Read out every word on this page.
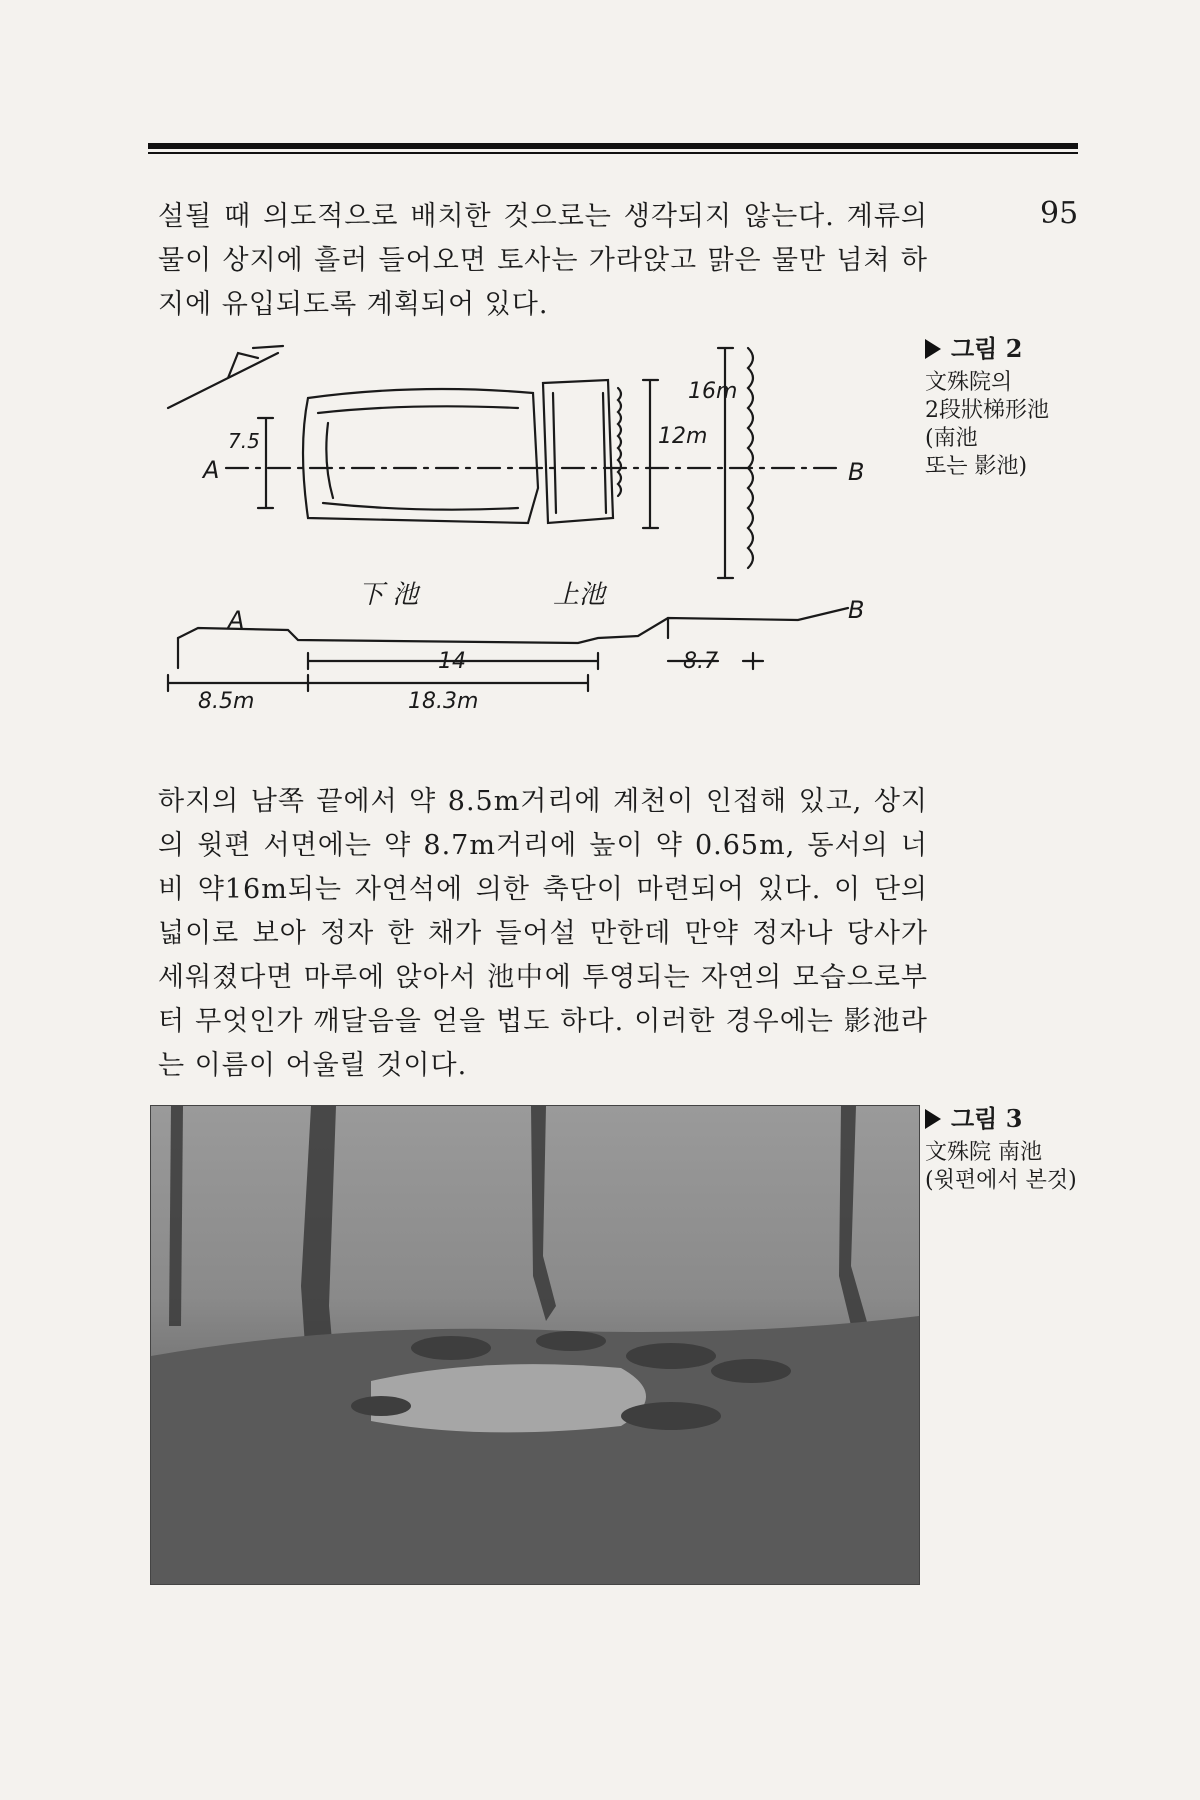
95

설될 때 의도적으로 배치한 것으로는 생각되지 않는다. 계류의 물이 상지에 흘러 들어오면 토사는 가라앉고 맑은 물만 넘쳐 하지에 유입되도록 계획되어 있다.

A	B
7.5	12m
16m
下 池	上池
A	B
14	8.7
8.5m	18.3m
그림 2
文殊院의
2段狀梯形池
(南池
또는 影池)

하지의 남쪽 끝에서 약 8.5m거리에 계천이 인접해 있고, 상지의 윗편 서면에는 약 8.7m거리에 높이 약 0.65m, 동서의 너비 약16m되는 자연석에 의한 축단이 마련되어 있다. 이 단의 넓이로 보아 정자 한 채가 들어설 만한데 만약 정자나 당사가 세워졌다면 마루에 앉아서 池中에 투영되는 자연의 모습으로부터 무엇인가 깨달음을 얻을 법도 하다. 이러한 경우에는 影池라는 이름이 어울릴 것이다.

그림 3
文殊院 南池
(윗편에서 본것)
